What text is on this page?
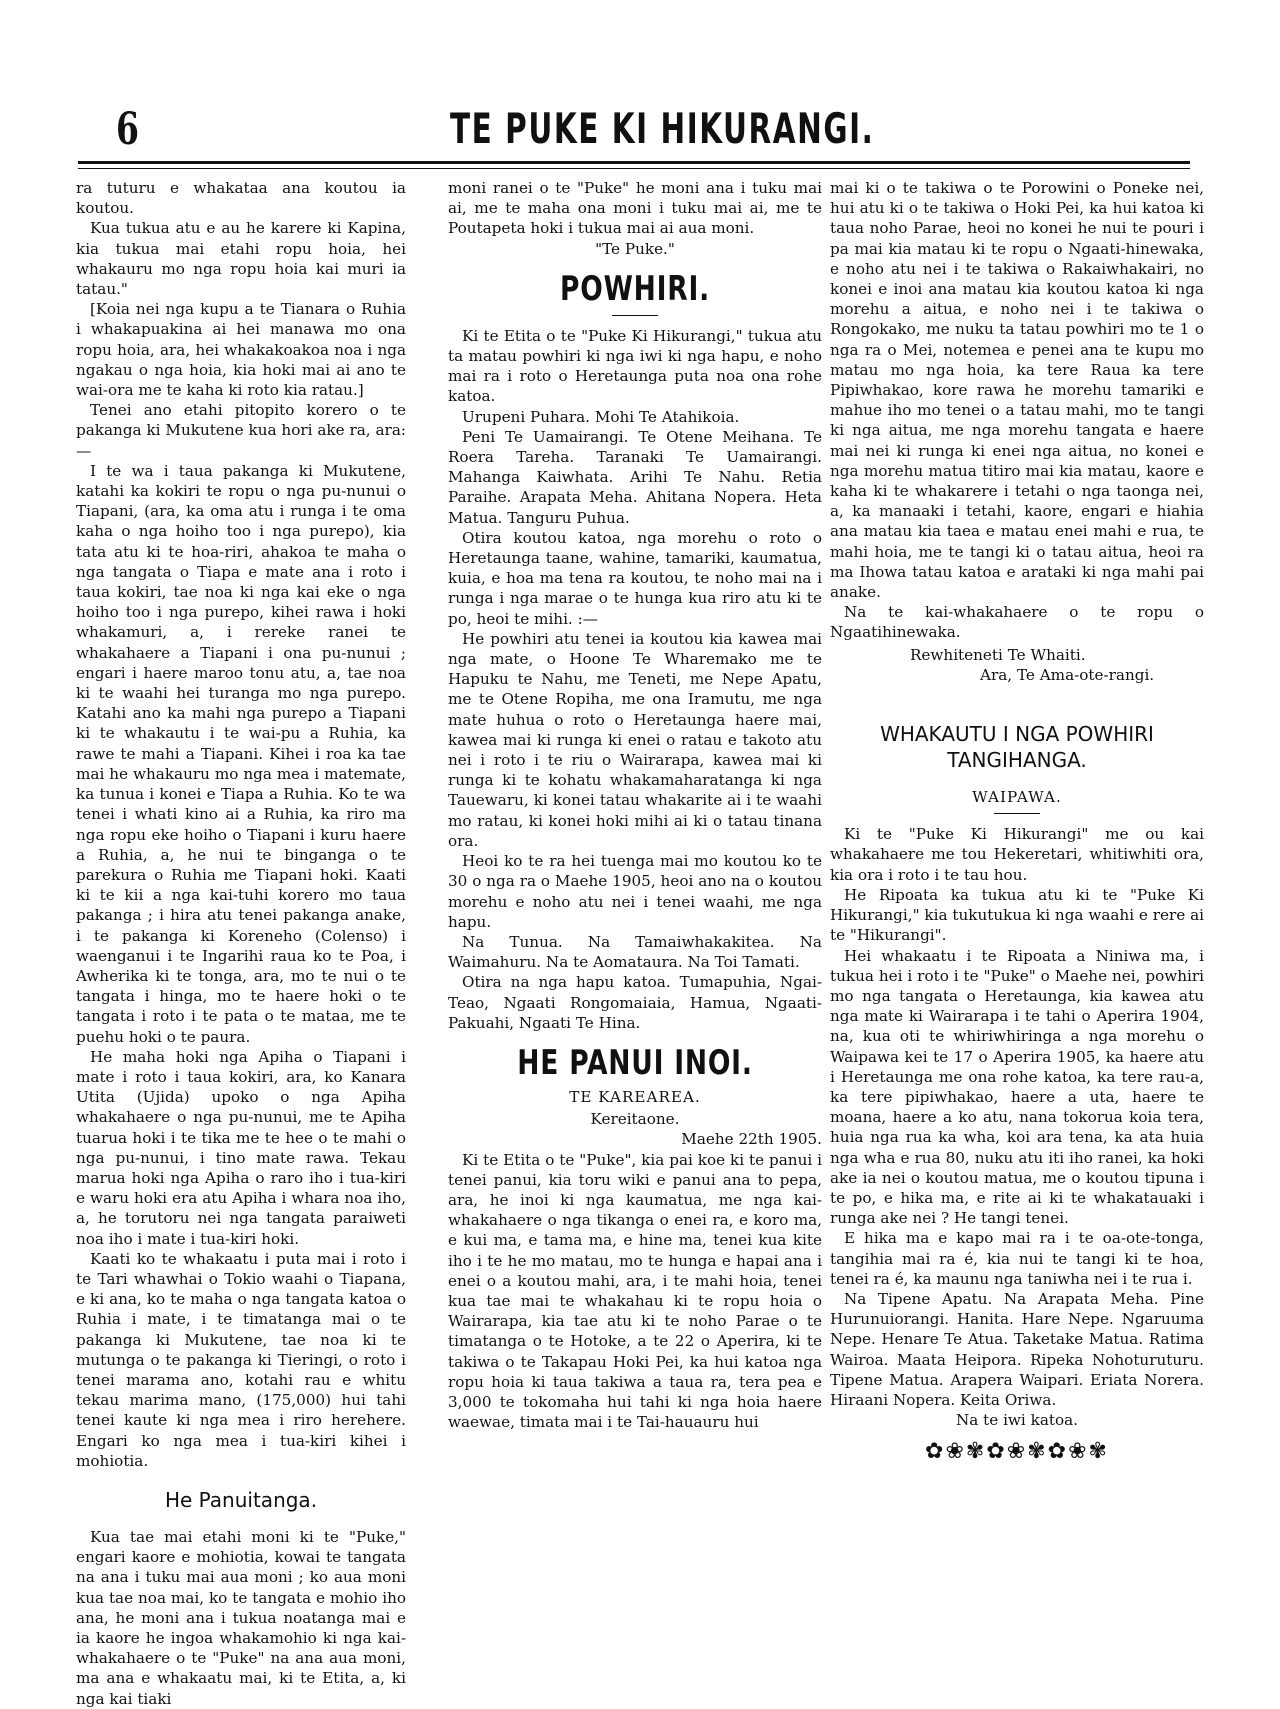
6	TE PUKE KI HIKURANGI.

ra tuturu e whakataa ana koutou ia koutou.

Kua tukua atu e au he karere ki Kapina, kia tukua mai etahi ropu hoia, hei whakauru mo nga ropu hoia kai muri ia tatau."

[Koia nei nga kupu a te Tianara o Ruhia i whakapuakina ai hei manawa mo ona ropu hoia, ara, hei whakakoakoa noa i nga ngakau o nga hoia, kia hoki mai ai ano te wai-ora me te kaha ki roto kia ratau.]

Tenei ano etahi pitopito korero o te pakanga ki Mukutene kua hori ake ra, ara:—

I te wa i taua pakanga ki Mukutene, katahi ka kokiri te ropu o nga pu-nunui o Tiapani, (ara, ka oma atu i runga i te oma kaha o nga hoiho too i nga purepo), kia tata atu ki te hoa-riri, ahakoa te maha o nga tangata o Tiapa e mate ana i roto i taua kokiri, tae noa ki nga kai eke o nga hoiho too i nga purepo, kihei rawa i hoki whakamuri, a, i rereke ranei te whakahaere a Tiapani i ona pu-nunui ; engari i haere maroo tonu atu, a, tae noa ki te waahi hei turanga mo nga purepo. Katahi ano ka mahi nga purepo a Tiapani ki te whakautu i te wai-pu a Ruhia, ka rawe te mahi a Tiapani. Kihei i roa ka tae mai he whakauru mo nga mea i matemate, ka tunua i konei e Tiapa a Ruhia. Ko te wa tenei i whati kino ai a Ruhia, ka riro ma nga ropu eke hoiho o Tiapani i kuru haere a Ruhia, a, he nui te binganga o te parekura o Ruhia me Tiapani hoki. Kaati ki te kii a nga kai-tuhi korero mo taua pakanga ; i hira atu tenei pakanga anake, i te pakanga ki Koreneho (Colenso) i waenganui i te Ingarihi raua ko te Poa, i Awherika ki te tonga, ara, mo te nui o te tangata i hinga, mo te haere hoki o te tangata i roto i te pata o te mataa, me te puehu hoki o te paura.

He maha hoki nga Apiha o Tiapani i mate i roto i taua kokiri, ara, ko Kanara Utita (Ujida) upoko o nga Apiha whakahaere o nga pu-nunui, me te Apiha tuarua hoki i te tika me te hee o te mahi o nga pu-nunui, i tino mate rawa. Tekau marua hoki nga Apiha o raro iho i tua-kiri e waru hoki era atu Apiha i whara noa iho, a, he torutoru nei nga tangata paraiweti noa iho i mate i tua-kiri hoki.

Kaati ko te whakaatu i puta mai i roto i te Tari whawhai o Tokio waahi o Tiapana, e ki ana, ko te maha o nga tangata katoa o Ruhia i mate, i te timatanga mai o te pakanga ki Mukutene, tae noa ki te mutunga o te pakanga ki Tieringi, o roto i tenei marama ano, kotahi rau e whitu tekau marima mano, (175,000) hui tahi tenei kaute ki nga mea i riro herehere. Engari ko nga mea i tua-kiri kihei i mohiotia.

He Panuitanga.

Kua tae mai etahi moni ki te "Puke," engari kaore e mohiotia, kowai te tangata na ana i tuku mai aua moni ; ko aua moni kua tae noa mai, ko te tangata e mohio iho ana, he moni ana i tukua noatanga mai e ia kaore he ingoa whakamohio ki nga kai-whakahaere o te "Puke" na ana aua moni, ma ana e whakaatu mai, ki te Etita, a, ki nga kai tiaki

moni ranei o te "Puke" he moni ana i tuku mai ai, me te maha ona moni i tuku mai ai, me te Poutapeta hoki i tukua mai ai aua moni.

"Te Puke."
POWHIRI.

Ki te Etita o te "Puke Ki Hikurangi," tukua atu ta matau powhiri ki nga iwi ki nga hapu, e noho mai ra i roto o Heretaunga puta noa ona rohe katoa.

Urupeni Puhara. Mohi Te Atahikoia.

Peni Te Uamairangi. Te Otene Meihana. Te Roera Tareha. Taranaki Te Uamairangi. Mahanga Kaiwhata. Arihi Te Nahu. Retia Paraihe. Arapata Meha. Ahitana Nopera. Heta Matua. Tanguru Puhua.

Otira koutou katoa, nga morehu o roto o Heretaunga taane, wahine, tamariki, kaumatua, kuia, e hoa ma tena ra koutou, te noho mai na i runga i nga marae o te hunga kua riro atu ki te po, heoi te mihi. :—

He powhiri atu tenei ia koutou kia kawea mai nga mate, o Hoone Te Wharemako me te Hapuku te Nahu, me Teneti, me Nepe Apatu, me te Otene Ropiha, me ona Iramutu, me nga mate huhua o roto o Heretaunga haere mai, kawea mai ki runga ki enei o ratau e takoto atu nei i roto i te riu o Wairarapa, kawea mai ki runga ki te kohatu whakamaharatanga ki nga Tauewaru, ki konei tatau whakarite ai i te waahi mo ratau, ki konei hoki mihi ai ki o tatau tinana ora.

Heoi ko te ra hei tuenga mai mo koutou ko te 30 o nga ra o Maehe 1905, heoi ano na o koutou morehu e noho atu nei i tenei waahi, me nga hapu.

Na Tunua. Na Tamaiwhakakitea. Na Waimahuru. Na te Aomataura. Na Toi Tamati.

Otira na nga hapu katoa. Tumapuhia, Ngai-Teao, Ngaati Rongomaiaia, Hamua, Ngaati-Pakuahi, Ngaati Te Hina.

HE PANUI INOI.
TE KAREAREA.
Kereitaone.
Maehe 22th 1905.

Ki te Etita o te "Puke", kia pai koe ki te panui i tenei panui, kia toru wiki e panui ana to pepa, ara, he inoi ki nga kaumatua, me nga kai-whakahaere o nga tikanga o enei ra, e koro ma, e kui ma, e tama ma, e hine ma, tenei kua kite iho i te he mo matau, mo te hunga e hapai ana i enei o a koutou mahi, ara, i te mahi hoia, tenei kua tae mai te whakahau ki te ropu hoia o Wairarapa, kia tae atu ki te noho Parae o te timatanga o te Hotoke, a te 22 o Aperira, ki te takiwa o te Takapau Hoki Pei, ka hui katoa nga ropu hoia ki taua takiwa a taua ra, tera pea e 3,000 te tokomaha hui tahi ki nga hoia haere waewae, timata mai i te Tai-hauauru hui

mai ki o te takiwa o te Porowini o Poneke nei, hui atu ki o te takiwa o Hoki Pei, ka hui katoa ki taua noho Parae, heoi no konei he nui te pouri i pa mai kia matau ki te ropu o Ngaati-hinewaka, e noho atu nei i te takiwa o Rakaiwhakairi, no konei e inoi ana matau kia koutou katoa ki nga morehu a aitua, e noho nei i te takiwa o Rongokako, me nuku ta tatau powhiri mo te 1 o nga ra o Mei, notemea e penei ana te kupu mo matau mo nga hoia, ka tere Raua ka tere Pipiwhakao, kore rawa he morehu tamariki e mahue iho mo tenei o a tatau mahi, mo te tangi ki nga aitua, me nga morehu tangata e haere mai nei ki runga ki enei nga aitua, no konei e nga morehu matua titiro mai kia matau, kaore e kaha ki te whakarere i tetahi o nga taonga nei, a, ka manaaki i tetahi, kaore, engari e hiahia ana matau kia taea e matau enei mahi e rua, te mahi hoia, me te tangi ki o tatau aitua, heoi ra ma Ihowa tatau katoa e arataki ki nga mahi pai anake.

Na te kai-whakahaere o te ropu o Ngaatihinewaka.

Rewhiteneti Te Whaiti.
Ara, Te Ama-ote-rangi.
WHAKAUTU I NGA POWHIRI TANGIHANGA.
WAIPAWA.

Ki te "Puke Ki Hikurangi" me ou kai whakahaere me tou Hekeretari, whitiwhiti ora, kia ora i roto i te tau hou.

He Ripoata ka tukua atu ki te "Puke Ki Hikurangi," kia tukutukua ki nga waahi e rere ai te "Hikurangi".

Hei whakaatu i te Ripoata a Niniwa ma, i tukua hei i roto i te "Puke" o Maehe nei, powhiri mo nga tangata o Heretaunga, kia kawea atu nga mate ki Wairarapa i te tahi o Aperira 1904, na, kua oti te whiriwhiringa a nga morehu o Waipawa kei te 17 o Aperira 1905, ka haere atu i Heretaunga me ona rohe katoa, ka tere rau-a, ka tere pipiwhakao, haere a uta, haere te moana, haere a ko atu, nana tokorua koia tera, huia nga rua ka wha, koi ara tena, ka ata huia nga wha e rua 80, nuku atu iti iho ranei, ka hoki ake ia nei o koutou matua, me o koutou tipuna i te po, e hika ma, e rite ai ki te whakatauaki i runga ake nei ? He tangi tenei.

E hika ma e kapo mai ra i te oa-ote-tonga, tangihia mai ra é, kia nui te tangi ki te hoa, tenei ra é, ka maunu nga taniwha nei i te rua i.

Na Tipene Apatu. Na Arapata Meha. Pine Hurunuiorangi. Hanita. Hare Nepe. Ngaruuma Nepe. Henare Te Atua. Taketake Matua. Ratima Wairoa. Maata Heipora. Ripeka Nohoturuturu. Tipene Matua. Arapera Waipari. Eriata Norera. Hiraani Nopera. Keita Oriwa.

Na te iwi katoa.
✿❀✾✿❀✾✿❀✾
